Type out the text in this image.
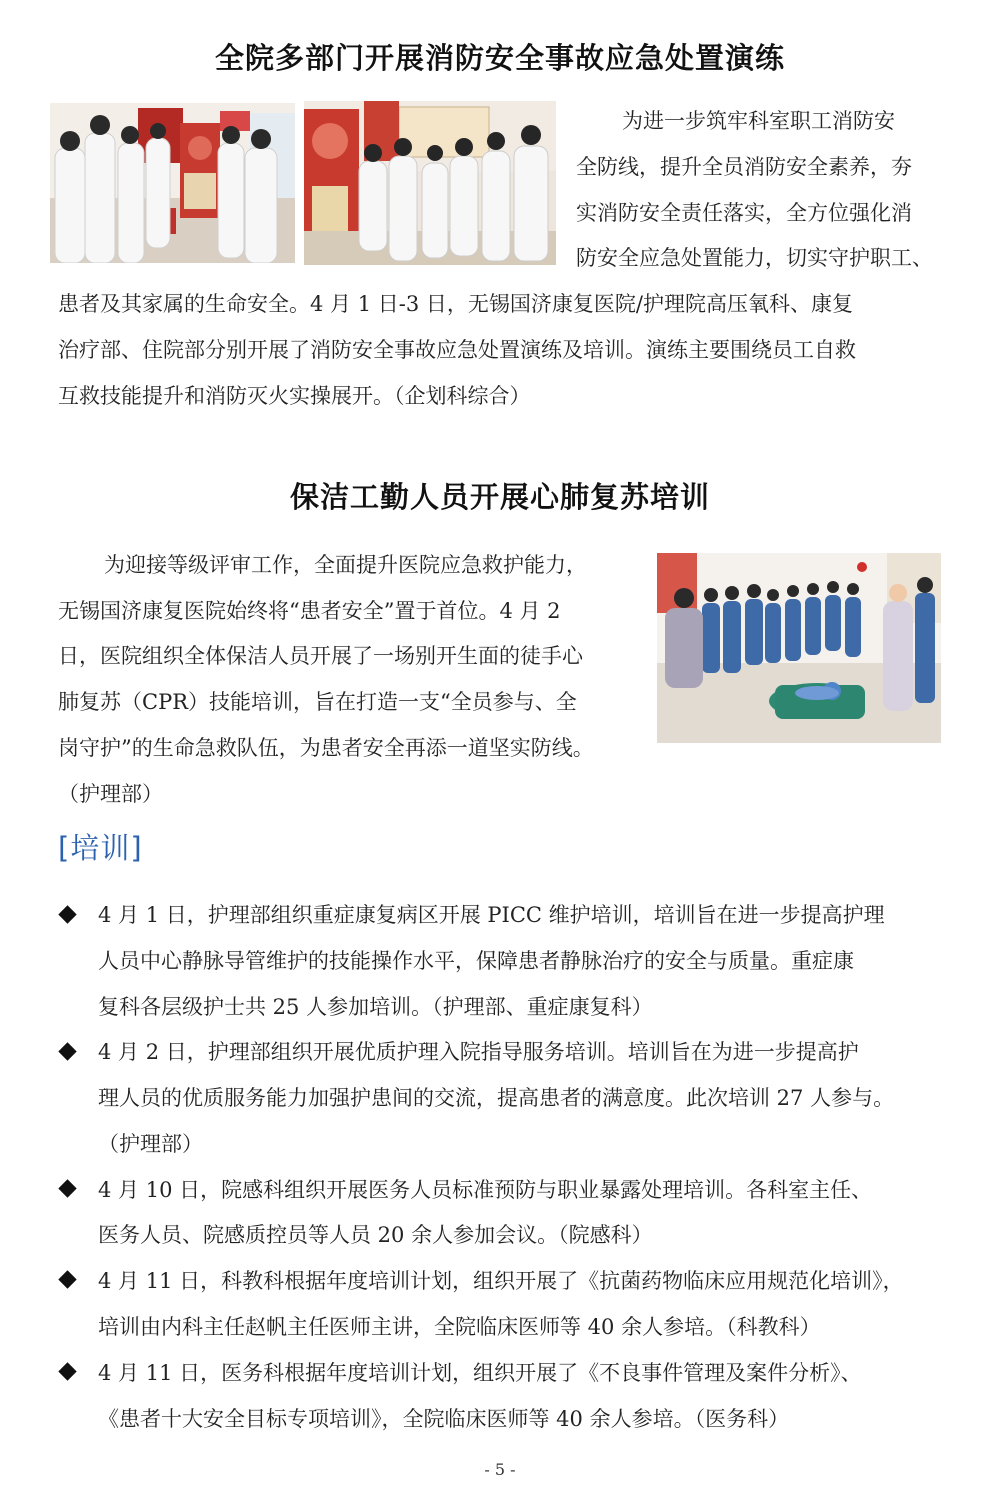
全院多部门开展消防安全事故应急处置演练
为进一步筑牢科室职工消防安
全防线，提升全员消防安全素养，夯
实消防安全责任落实，全方位强化消
防安全应急处置能力，切实守护职工、
患者及其家属的生命安全。4 月 1 日-3 日，无锡国济康复医院/护理院高压氧科、康复
治疗部、住院部分别开展了消防安全事故应急处置演练及培训。演练主要围绕员工自救
互救技能提升和消防灭火实操展开。（企划科综合）
保洁工勤人员开展心肺复苏培训
为迎接等级评审工作，全面提升医院应急救护能力，
无锡国济康复医院始终将“患者安全”置于首位。4 月 2
日，医院组织全体保洁人员开展了一场别开生面的徒手心
肺复苏（CPR）技能培训，旨在打造一支“全员参与、全
岗守护”的生命急救队伍，为患者安全再添一道坚实防线。
（护理部）
[培训]
4 月 1 日，护理部组织重症康复病区开展 PICC 维护培训，培训旨在进一步提高护理
人员中心静脉导管维护的技能操作水平，保障患者静脉治疗的安全与质量。重症康
复科各层级护士共 25 人参加培训。（护理部、重症康复科）
4 月 2 日，护理部组织开展优质护理入院指导服务培训。培训旨在为进一步提高护
理人员的优质服务能力加强护患间的交流，提高患者的满意度。此次培训 27 人参与。
（护理部）
4 月 10 日，院感科组织开展医务人员标准预防与职业暴露处理培训。各科室主任、
医务人员、院感质控员等人员 20 余人参加会议。（院感科）
4 月 11 日，科教科根据年度培训计划，组织开展了《抗菌药物临床应用规范化培训》，
培训由内科主任赵帆主任医师主讲，全院临床医师等 40 余人参培。（科教科）
4 月 11 日，医务科根据年度培训计划，组织开展了《不良事件管理及案件分析》、
《患者十大安全目标专项培训》，全院临床医师等 40 余人参培。（医务科）
- 5 -
